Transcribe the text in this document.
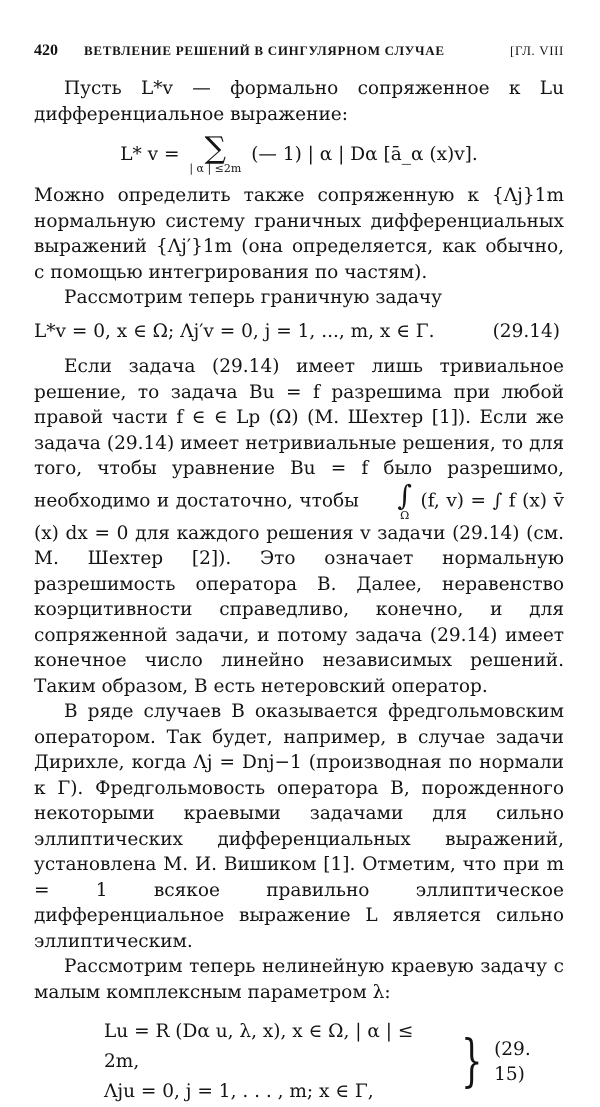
420 ВЕТВЛЕНИЕ РЕШЕНИЙ В СИНГУЛЯРНОМ СЛУЧАЕ	[ГЛ. VIII

Пусть L*v — формально сопряженное к Lu дифференциальное выражение:

L* v = ∑
| α | ≤2m
(— 1) | α | Dα [ā_α (x)v].

Можно определить также сопряженную к {Λj}1m нормальную систему граничных дифференциальных выражений {Λj′}1m (она определяется, как обычно, с помощью интегрирования по частям).

Рассмотрим теперь граничную задачу

L*v = 0, x ∈ Ω; Λj′v = 0, j = 1, ..., m, x ∈ Γ.	(29.14)

Если задача (29.14) имеет лишь тривиальное решение, то задача Bu = f разрешима при любой правой части f ∈ ∈ Lp (Ω) (М. Шехтер [1]). Если же задача (29.14) имеет нетривиальные решения, то для того, чтобы уравнение Bu = f было разрешимо, необходимо и достаточно, чтобы	∫
Ω
(f, v) = ∫ f (x) v̄ (x) dx = 0 для каждого решения v задачи (29.14) (см. М. Шехтер [2]). Это означает нормальную разрешимость оператора B. Далее, неравенство коэрцитивности справедливо, конечно, и для сопряженной задачи, и потому задача (29.14) имеет конечное число линейно независимых решений. Таким образом, B есть нетеровский оператор.

В ряде случаев B оказывается фредгольмовским оператором. Так будет, например, в случае задачи Дирихле, когда Λj = Dnj−1 (производная по нормали к Γ). Фредгольмовость оператора B, порожденного некоторыми краевыми задачами для сильно эллиптических дифференциальных выражений, установлена М. И. Вишиком [1]. Отметим, что при m = 1 всякое правильно эллиптическое дифференциальное выражение L является сильно эллиптическим.

Рассмотрим теперь нелинейную краевую задачу с малым комплексным параметром λ:

Lu = R (Dα u, λ, x), x ∈ Ω, | α | ≤ 2m,
Λju = 0, j = 1, . . . , m; x ∈ Γ,	} (29. 15)
